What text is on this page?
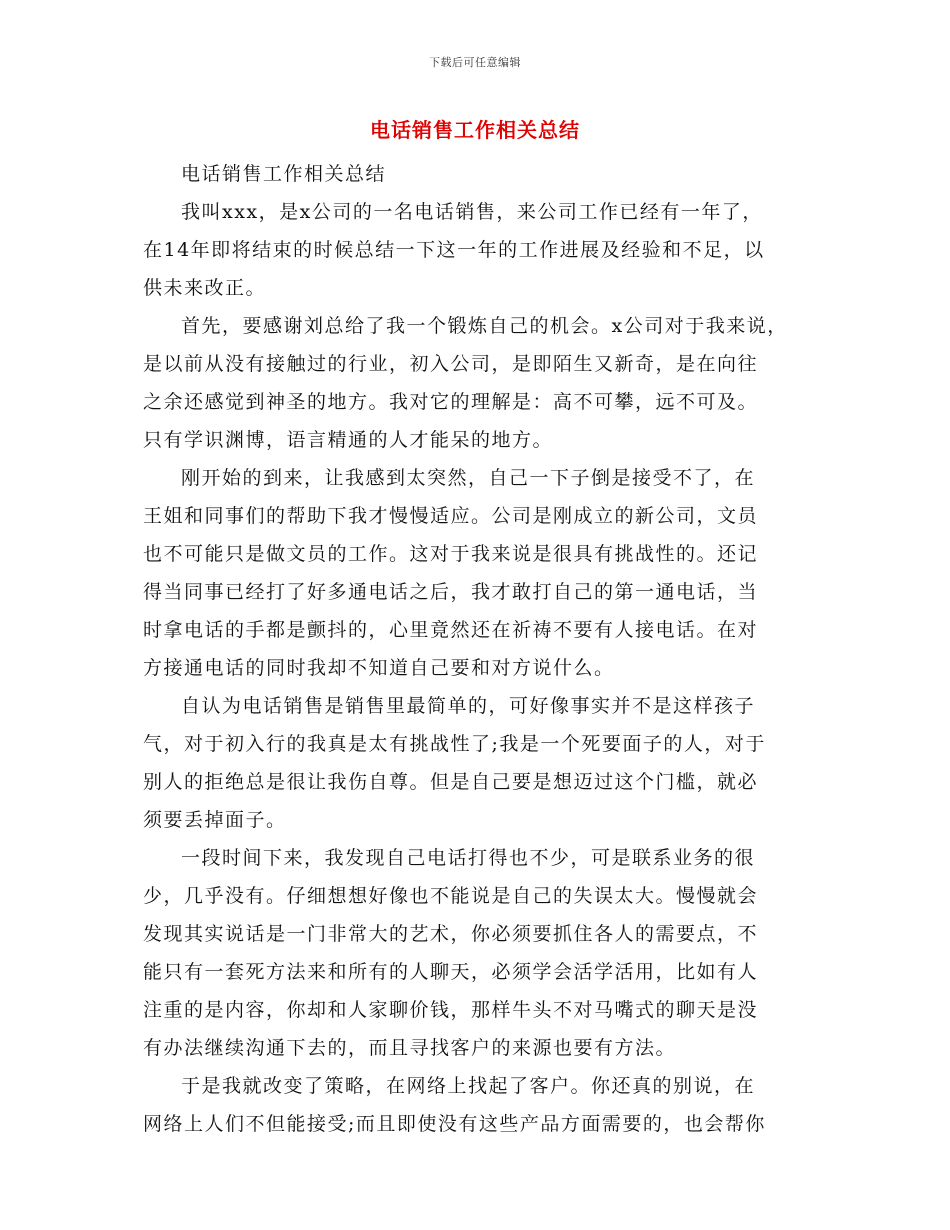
下载后可任意编辑
电话销售工作相关总结
电话销售工作相关总结
我叫xxx，是x公司的一名电话销售，来公司工作已经有一年了，
在14年即将结束的时候总结一下这一年的工作进展及经验和不足，以
供未来改正。
首先，要感谢刘总给了我一个锻炼自己的机会。x公司对于我来说，
是以前从没有接触过的行业，初入公司，是即陌生又新奇，是在向往
之余还感觉到神圣的地方。我对它的理解是：高不可攀，远不可及。
只有学识渊博，语言精通的人才能呆的地方。
刚开始的到来，让我感到太突然，自己一下子倒是接受不了，在
王姐和同事们的帮助下我才慢慢适应。公司是刚成立的新公司，文员
也不可能只是做文员的工作。这对于我来说是很具有挑战性的。还记
得当同事已经打了好多通电话之后，我才敢打自己的第一通电话，当
时拿电话的手都是颤抖的，心里竟然还在祈祷不要有人接电话。在对
方接通电话的同时我却不知道自己要和对方说什么。
自认为电话销售是销售里最简单的，可好像事实并不是这样孩子
气，对于初入行的我真是太有挑战性了;我是一个死要面子的人，对于
别人的拒绝总是很让我伤自尊。但是自己要是想迈过这个门槛，就必
须要丢掉面子。
一段时间下来，我发现自己电话打得也不少，可是联系业务的很
少，几乎没有。仔细想想好像也不能说是自己的失误太大。慢慢就会
发现其实说话是一门非常大的艺术，你必须要抓住各人的需要点，不
能只有一套死方法来和所有的人聊天，必须学会活学活用，比如有人
注重的是内容，你却和人家聊价钱，那样牛头不对马嘴式的聊天是没
有办法继续沟通下去的，而且寻找客户的来源也要有方法。
于是我就改变了策略，在网络上找起了客户。你还真的别说，在
网络上人们不但能接受;而且即使没有这些产品方面需要的，也会帮你
